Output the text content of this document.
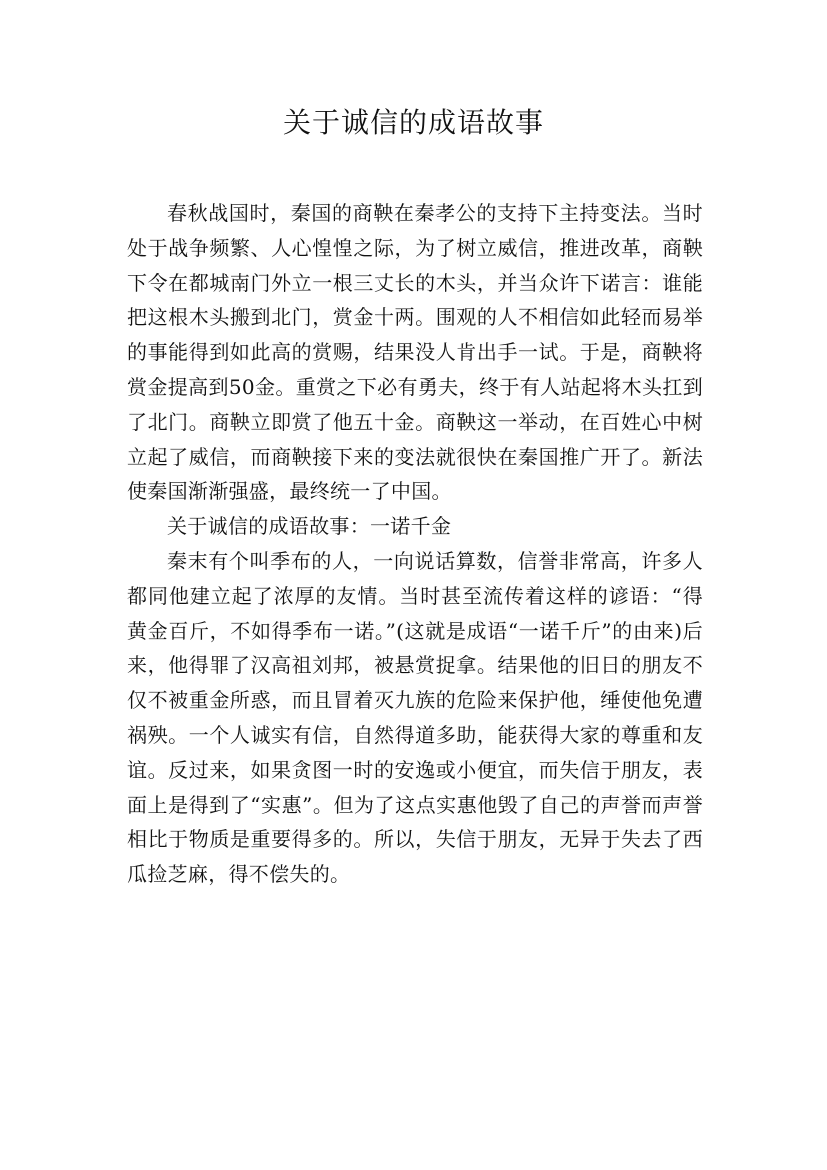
关于诚信的成语故事

春秋战国时，秦国的商鞅在秦孝公的支持下主持变法。当时处于战争频繁、人心惶惶之际，为了树立威信，推进改革，商鞅下令在都城南门外立一根三丈长的木头，并当众许下诺言：谁能把这根木头搬到北门，赏金十两。围观的人不相信如此轻而易举的事能得到如此高的赏赐，结果没人肯出手一试。于是，商鞅将赏金提高到50金。重赏之下必有勇夫，终于有人站起将木头扛到了北门。商鞅立即赏了他五十金。商鞅这一举动，在百姓心中树立起了威信，而商鞅接下来的变法就很快在秦国推广开了。新法使秦国渐渐强盛，最终统一了中国。

关于诚信的成语故事：一诺千金

秦末有个叫季布的人，一向说话算数，信誉非常高，许多人都同他建立起了浓厚的友情。当时甚至流传着这样的谚语：“得黄金百斤，不如得季布一诺。”(这就是成语“一诺千斤”的由来)后来，他得罪了汉高祖刘邦，被悬赏捉拿。结果他的旧日的朋友不仅不被重金所惑，而且冒着灭九族的危险来保护他，缍使他免遭祸殃。一个人诚实有信，自然得道多助，能获得大家的尊重和友谊。反过来，如果贪图一时的安逸或小便宜，而失信于朋友，表面上是得到了“实惠”。但为了这点实惠他毁了自己的声誉而声誉相比于物质是重要得多的。所以，失信于朋友，无异于失去了西瓜捡芝麻，得不偿失的。
